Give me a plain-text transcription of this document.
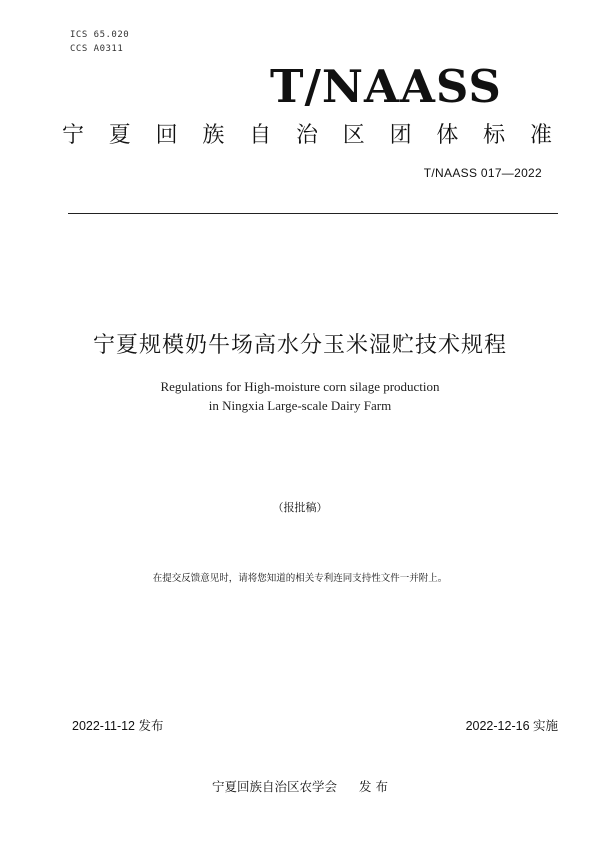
ICS 65.020
CCS A0311
T/NAASS
宁 夏 回 族 自 治 区 团 体 标 准
T/NAASS 017—2022
宁夏规模奶牛场高水分玉米湿贮技术规程
Regulations for High-moisture corn silage production
in Ningxia Large-scale Dairy Farm
（报批稿）
在提交反馈意见时，请将您知道的相关专利连同支持性文件一并附上。
2022-11-12 发布	2022-12-16 实施
宁夏回族自治区农学会 发 布
